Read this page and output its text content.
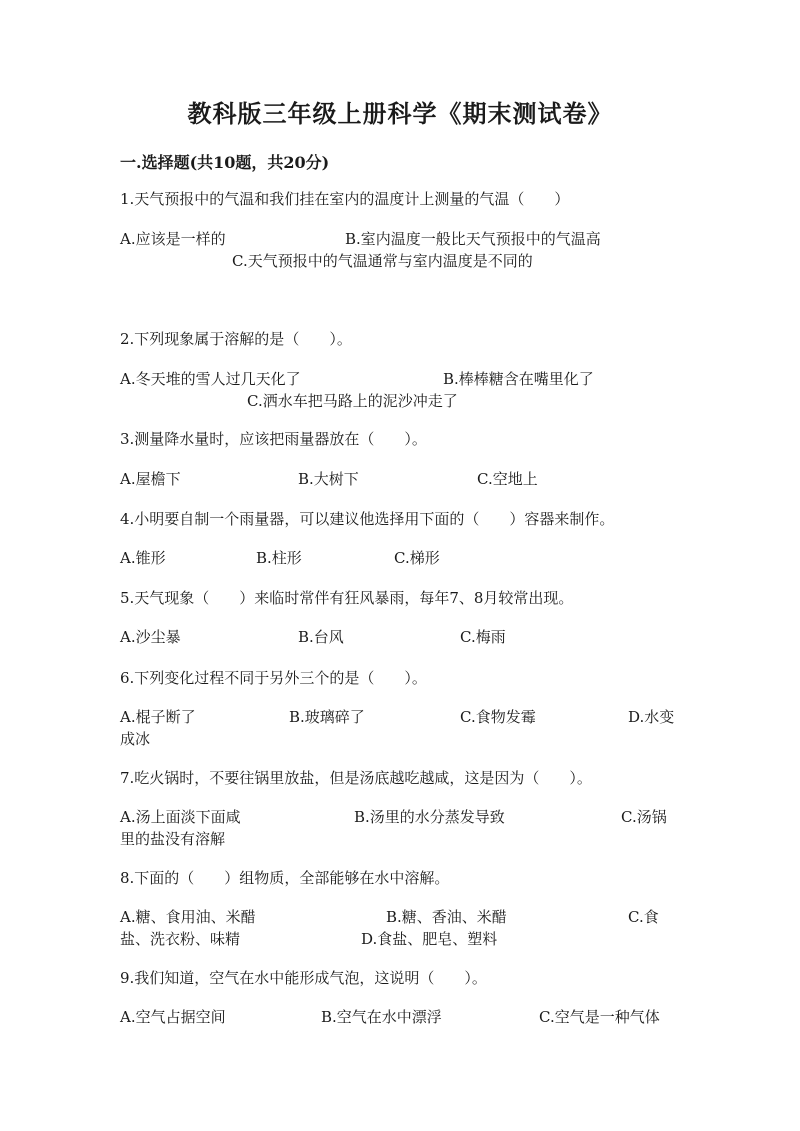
教科版三年级上册科学《期末测试卷》
一.选择题(共10题，共20分)
1.天气预报中的气温和我们挂在室内的温度计上测量的气温（　　）
A.应该是一样的	B.室内温度一般比天气预报中的气温高
C.天气预报中的气温通常与室内温度是不同的
2.下列现象属于溶解的是（　　）。
A.冬天堆的雪人过几天化了	B.棒棒糖含在嘴里化了
C.洒水车把马路上的泥沙冲走了
3.测量降水量时，应该把雨量器放在（　　）。
A.屋檐下	B.大树下	C.空地上
4.小明要自制一个雨量器，可以建议他选择用下面的（　　）容器来制作。
A.锥形	B.柱形	C.梯形
5.天气现象（　　）来临时常伴有狂风暴雨，每年7、8月较常出现。
A.沙尘暴	B.台风	C.梅雨
6.下列变化过程不同于另外三个的是（　　）。
A.棍子断了	B.玻璃碎了	C.食物发霉	D.水变
成冰
7.吃火锅时，不要往锅里放盐，但是汤底越吃越咸，这是因为（　　）。
A.汤上面淡下面咸	B.汤里的水分蒸发导致	C.汤锅
里的盐没有溶解
8.下面的（　　）组物质，全部能够在水中溶解。
A.糖、食用油、米醋	B.糖、香油、米醋	C.食
盐、洗衣粉、味精	D.食盐、肥皂、塑料
9.我们知道，空气在水中能形成气泡，这说明（　　）。
A.空气占据空间	B.空气在水中漂浮	C.空气是一种气体
